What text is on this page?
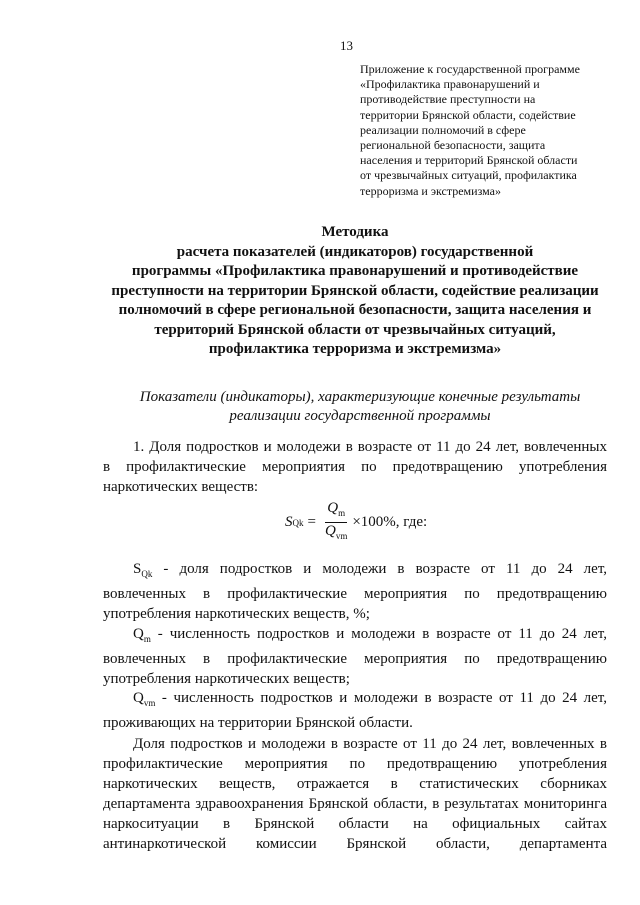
13
Приложение к государственной программе
«Профилактика правонарушений и
противодействие преступности на
территории Брянской области, содействие
реализации полномочий в сфере
региональной безопасности, защита
населения и территорий Брянской области
от чрезвычайных ситуаций, профилактика
терроризма и экстремизма»
Методика
расчета показателей (индикаторов) государственной
программы «Профилактика правонарушений и противодействие
преступности на территории Брянской области, содействие реализации
полномочий в сфере региональной безопасности, защита населения и
территорий Брянской области от чрезвычайных ситуаций,
профилактика терроризма и экстремизма»
Показатели (индикаторы), характеризующие конечные результаты
реализации государственной программы
1. Доля подростков и молодежи в возрасте от 11 до 24 лет, вовлеченных
в профилактические мероприятия по предотвращению употребления
наркотических веществ:
S $Qk = \frac{Q_m}{Q_{vm}} \times 100\%$, где:
$S_{Qk}$ - доля подростков и молодежи в возрасте от 11 до 24 лет,
вовлеченных в профилактические мероприятия по предотвращению
употребления наркотических веществ, %;
$Q_m$ - численность подростков и молодежи в возрасте от 11 до 24 лет,
вовлеченных в профилактические мероприятия по предотвращению
употребления наркотических веществ;
$Q_{vm}$ - численность подростков и молодежи в возрасте от 11 до 24 лет,
проживающих на территории Брянской области.
Доля подростков и молодежи в возрасте от 11 до 24 лет, вовлеченных в
профилактические мероприятия по предотвращению употребления
наркотических веществ, отражается в статистических сборниках
департамента здравоохранения Брянской области, в результатах мониторинга
наркоситуации в Брянской области на официальных сайтах
антинаркотической комиссии Брянской области, департамента
